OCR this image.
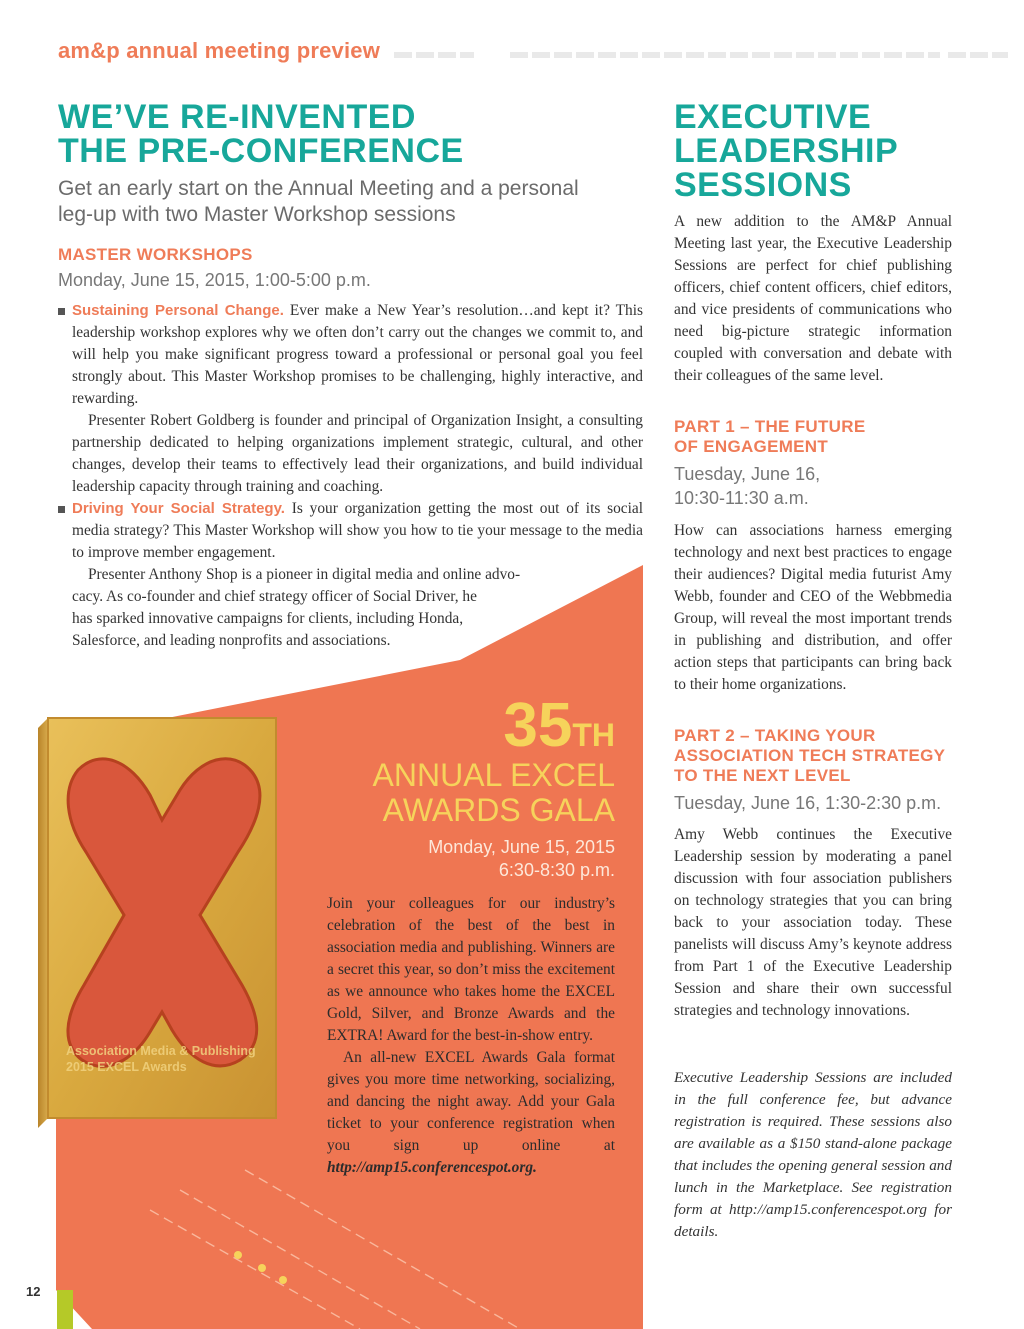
am&p annual meeting preview
WE’VE RE-INVENTED
THE PRE-CONFERENCE
Get an early start on the Annual Meeting and a personal
leg-up with two Master Workshop sessions
MASTER WORKSHOPS
Monday, June 15, 2015, 1:00-5:00 p.m.

Sustaining Personal Change. Ever make a New Year’s resolution…and kept it? This leadership workshop explores why we often don’t carry out the changes we commit to, and will help you make significant progress toward a professional or personal goal you feel strongly about. This Master Workshop promises to be challenging, highly interactive, and rewarding.

Presenter Robert Goldberg is founder and principal of Organization Insight, a consulting partnership dedicated to helping organizations implement strategic, cultural, and other changes, develop their teams to effectively lead their organizations, and build individual leadership capacity through training and coaching.

Driving Your Social Strategy. Is your organization getting the most out of its social media strategy? This Master Workshop will show you how to tie your message to the media to improve member engagement.

Presenter Anthony Shop is a pioneer in digital media and online advo-
cacy. As co-founder and chief strategy officer of Social Driver, he
has sparked innovative campaigns for clients, including Honda,
Salesforce, and leading nonprofits and associations.
Association Media & Publishing
2015 EXCEL Awards
35TH
ANNUAL EXCEL
AWARDS GALA
Monday, June 15, 2015
6:30-8:30 p.m.

Join your colleagues for our industry’s celebration of the best of the best in association media and publishing. Winners are a secret this year, so don’t miss the excitement as we announce who takes home the EXCEL Gold, Silver, and Bronze Awards and the EXTRA! Award for the best-in-show entry.

An all-new EXCEL Awards Gala format gives you more time networking, socializing, and dancing the night away. Add your Gala ticket to your conference registration when you sign up online at http://amp15.conferencespot.org.

EXECUTIVE
LEADERSHIP
SESSIONS
A new addition to the AM&P Annual Meeting last year, the Executive Leadership Sessions are perfect for chief publishing officers, chief content officers, chief editors, and vice presidents of communications who need big-picture strategic information coupled with conversation and debate with their colleagues of the same level.
PART 1 – THE FUTURE
OF ENGAGEMENT
Tuesday, June 16,
10:30-11:30 a.m.
How can associations harness emerging technology and next best practices to engage their audiences? Digital media futurist Amy Webb, founder and CEO of the Webbmedia Group, will reveal the most important trends in publishing and distribution, and offer action steps that participants can bring back to their home organizations.
PART 2 – TAKING YOUR
ASSOCIATION TECH STRATEGY
TO THE NEXT LEVEL
Tuesday, June 16, 1:30-2:30 p.m.
Amy Webb continues the Executive Leadership session by moderating a panel discussion with four association publishers on technology strategies that you can bring back to your association today. These panelists will discuss Amy’s keynote address from Part 1 of the Executive Leadership Session and share their own successful strategies and technology innovations.
Executive Leadership Sessions are included in the full conference fee, but advance registration is required. These sessions also are available as a $150 stand-alone package that includes the opening general session and lunch in the Marketplace. See registration form at http://amp15.conferencespot.org for details.
12
